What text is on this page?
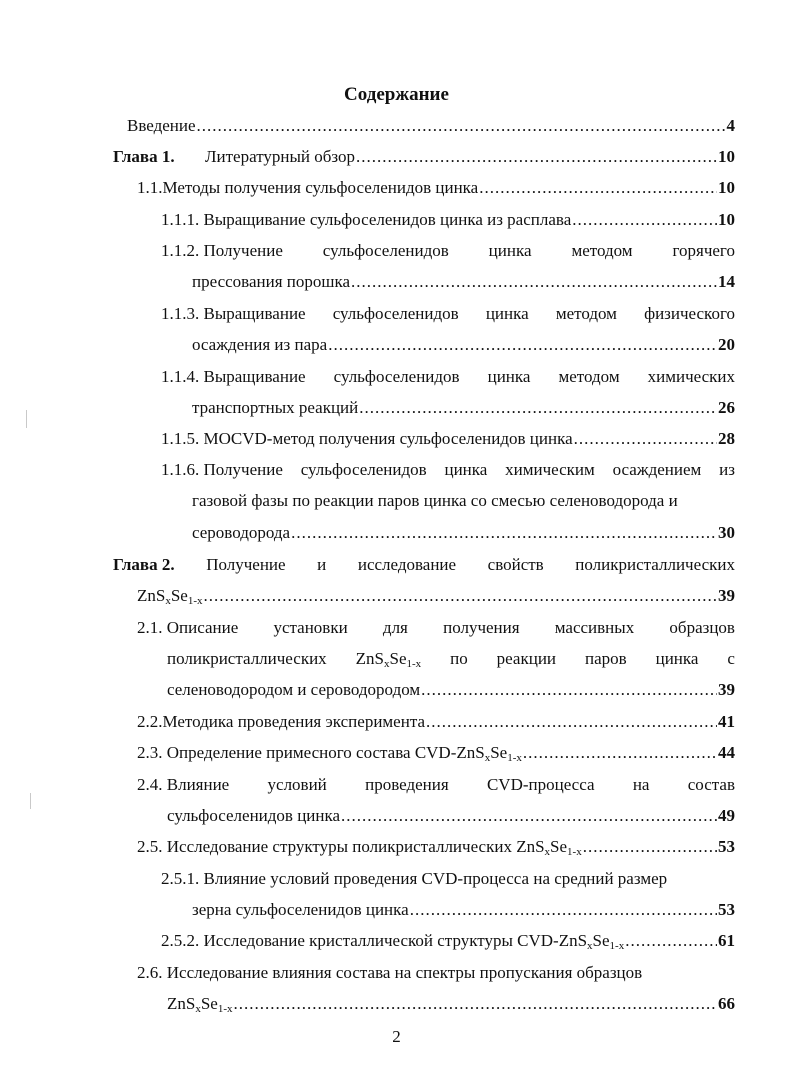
Содержание
Введение .....	4
Глава 1.	Литературный обзор .....	10
1.1.Методы получения сульфоселенидов цинка .....	10
1.1.1. Выращивание сульфоселенидов цинка из расплава .....	10
1.1.2. Получение сульфоселенидов цинка методом горячего
прессования порошка .....	14
1.1.3. Выращивание сульфоселенидов цинка методом физического
осаждения из пара .....	20
1.1.4. Выращивание сульфоселенидов цинка методом химических
транспортных реакций .....	26
1.1.5. MOCVD-метод получения сульфоселенидов цинка .....	28
1.1.6. Получение сульфоселенидов цинка химическим осаждением из
газовой фазы по реакции паров цинка со смесью селеноводорода и
сероводорода .....	30
Глава 2. Получение и исследование свойств поликристаллических
$ZnS_xSe_{1-x}$ .....	39
2.1. Описание установки для получения массивных образцов
поликристаллических $ZnS_xSe_{1-x}$ по реакции паров цинка с
селеноводородом и сероводородом .....	39
2.2.Методика проведения эксперимента .....	41
2.3. Определение примесного состава CVD-$ZnS_xSe_{1-x}$ .....	44
2.4. Влияние условий проведения CVD-процесса на состав
сульфоселенидов цинка .....	49
2.5. Исследование структуры поликристаллических $ZnS_xSe_{1-x}$ .....	53
2.5.1. Влияние условий проведения CVD-процесса на средний размер
зерна сульфоселенидов цинка .....	53
2.5.2. Исследование кристаллической структуры CVD-$ZnS_xSe_{1-x}$ .....	61
2.6. Исследование влияния состава на спектры пропускания образцов
$ZnS_xSe_{1-x}$ .....	66
2
